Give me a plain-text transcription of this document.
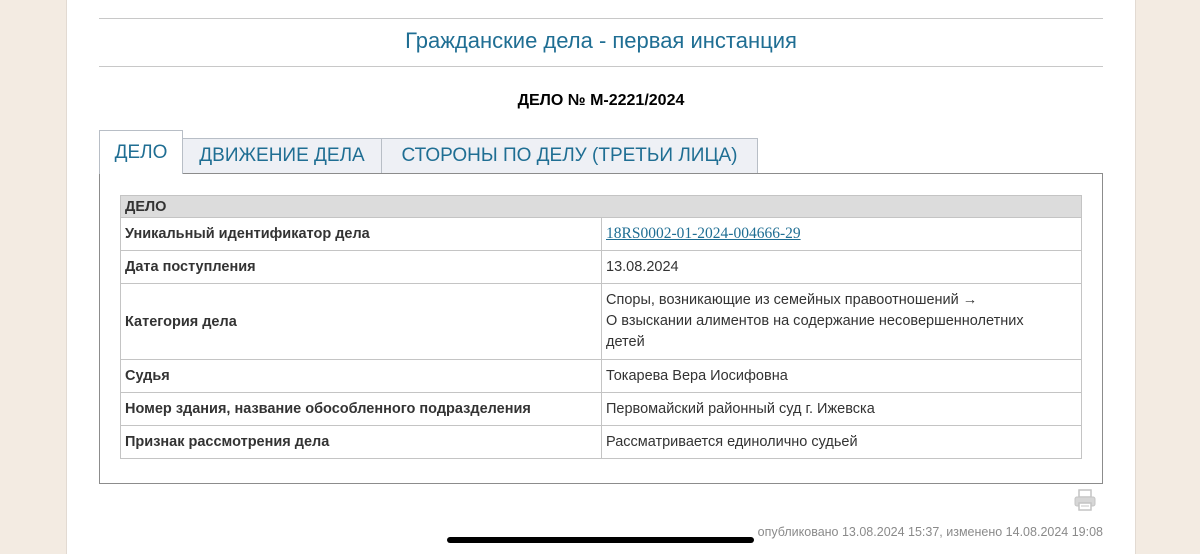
Гражданские дела - первая инстанция
ДЕЛО № М-2221/2024
ДЕЛО ДВИЖЕНИЕ ДЕЛА СТОРОНЫ ПО ДЕЛУ (ТРЕТЬИ ЛИЦА)
ДЕЛО	
Уникальный идентификатор дела	18RS0002-01-2024-004666-29
Дата поступления	13.08.2024
Категория дела	Споры, возникающие из семейных правоотношений →
О взыскании алиментов на содержание несовершеннолетних
детей

Судья	Токарева Вера Иосифовна
Номер здания, название обособленного подразделения	Первомайский районный суд г. Ижевска
Признак рассмотрения дела	Рассматривается единолично судьей
опубликовано 13.08.2024 15:37, изменено 14.08.2024 19:08
